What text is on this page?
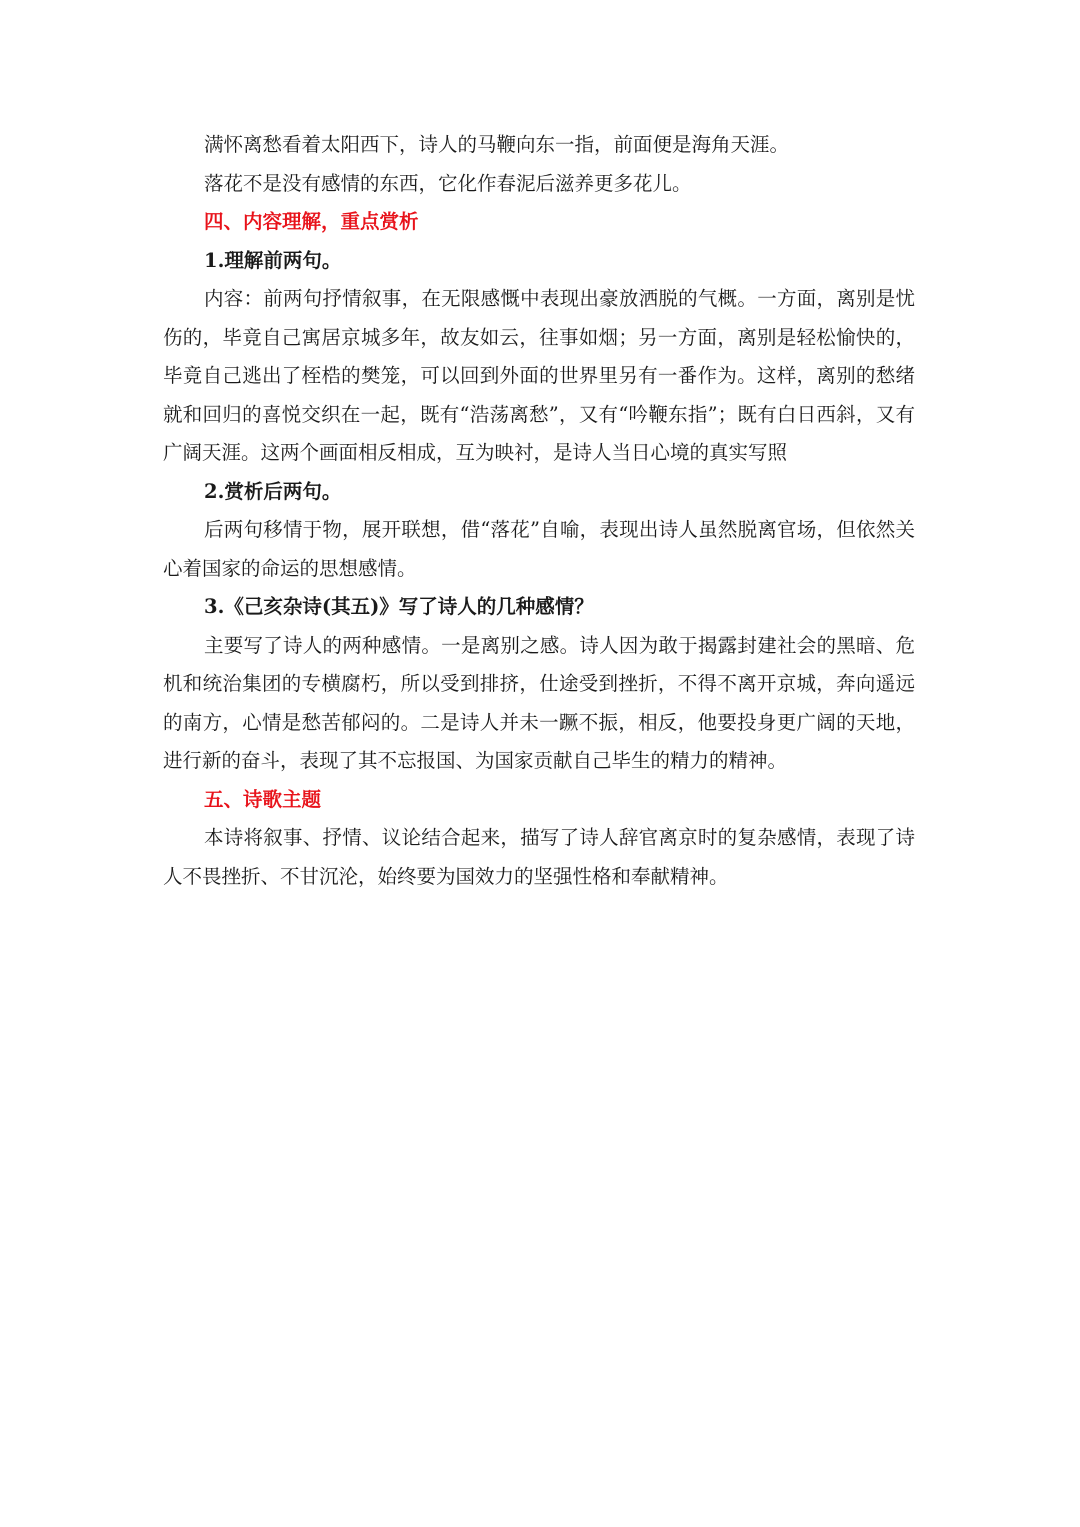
满怀离愁看着太阳西下，诗人的马鞭向东一指，前面便是海角天涯。

落花不是没有感情的东西，它化作春泥后滋养更多花儿。

四、内容理解，重点赏析

1.理解前两句。

内容：前两句抒情叙事，在无限感慨中表现出豪放洒脱的气概。一方面，离别是忧伤的，毕竟自己寓居京城多年，故友如云，往事如烟；另一方面，离别是轻松愉快的，毕竟自己逃出了桎梏的樊笼，可以回到外面的世界里另有一番作为。这样，离别的愁绪就和回归的喜悦交织在一起，既有“浩荡离愁”，又有“吟鞭东指”；既有白日西斜，又有广阔天涯。这两个画面相反相成，互为映衬，是诗人当日心境的真实写照

2.赏析后两句。

后两句移情于物，展开联想，借“落花”自喻，表现出诗人虽然脱离官场，但依然关心着国家的命运的思想感情。

3.《己亥杂诗(其五)》写了诗人的几种感情？

主要写了诗人的两种感情。一是离别之感。诗人因为敢于揭露封建社会的黑暗、危机和统治集团的专横腐朽，所以受到排挤，仕途受到挫折，不得不离开京城，奔向遥远的南方，心情是愁苦郁闷的。二是诗人并未一蹶不振，相反，他要投身更广阔的天地，进行新的奋斗，表现了其不忘报国、为国家贡献自己毕生的精力的精神。

五、诗歌主题

本诗将叙事、抒情、议论结合起来，描写了诗人辞官离京时的复杂感情，表现了诗人不畏挫折、不甘沉沦，始终要为国效力的坚强性格和奉献精神。
